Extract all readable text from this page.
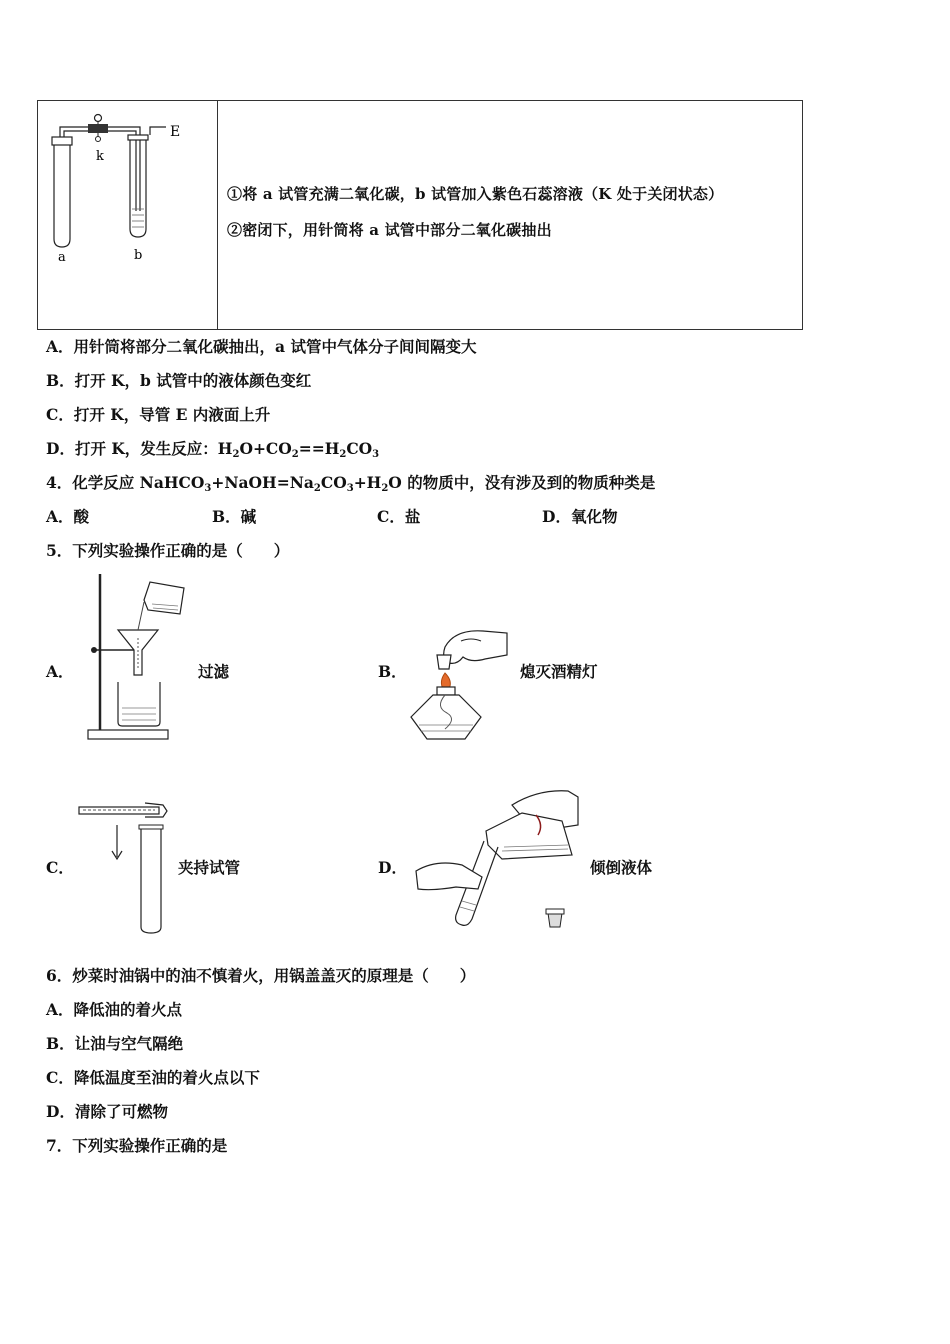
k
E
a	b
①将 a 试管充满二氧化碳，b 试管加入紫色石蕊溶液（K 处于关闭状态）
②密闭下，用针筒将 a 试管中部分二氧化碳抽出
A．用针筒将部分二氧化碳抽出，a 试管中气体分子间间隔变大
B．打开 K，b 试管中的液体颜色变红
C．打开 K，导管 E 内液面上升
D．打开 K，发生反应：$H_2O+CO_2==H_2CO_3$
4．化学反应 $NaHCO_3+NaOH=Na_2CO_3+H_2O$ 的物质中，没有涉及到的物质种类是
A．酸	B．碱	C．盐	D．氧化物
5．下列实验操作正确的是（　　）
A．	过滤	B．	熄灭酒精灯
C．	夹持试管	D．	倾倒液体
6．炒菜时油锅中的油不慎着火，用锅盖盖灭的原理是（　　）
A．降低油的着火点
B．让油与空气隔绝
C．降低温度至油的着火点以下
D．清除了可燃物
7．下列实验操作正确的是
